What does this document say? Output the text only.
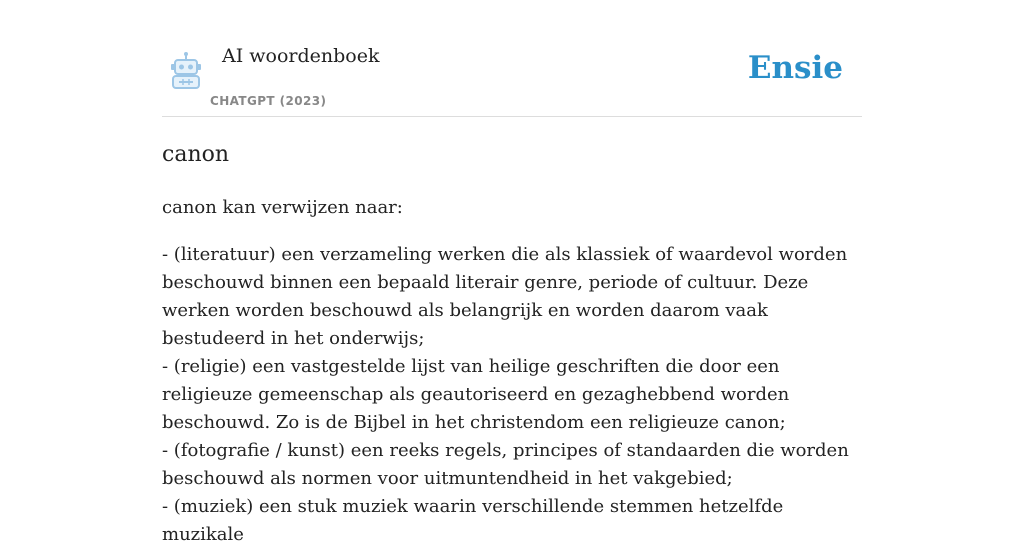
AI woordenboek
CHATGPT (2023)
Ensie
canon

canon kan verwijzen naar:

- (literatuur) een verzameling werken die als klassiek of waardevol worden beschouwd binnen een bepaald literair genre, periode of cultuur. Deze werken worden beschouwd als belangrijk en worden daarom vaak bestudeerd in het onderwijs;
- (religie) een vastgestelde lijst van heilige geschriften die door een religieuze gemeenschap als geautoriseerd en gezaghebbend worden beschouwd. Zo is de Bijbel in het christendom een religieuze canon;
- (fotografie / kunst) een reeks regels, principes of standaarden die worden beschouwd als normen voor uitmuntendheid in het vakgebied;
- (muziek) een stuk muziek waarin verschillende stemmen hetzelfde muzikale
